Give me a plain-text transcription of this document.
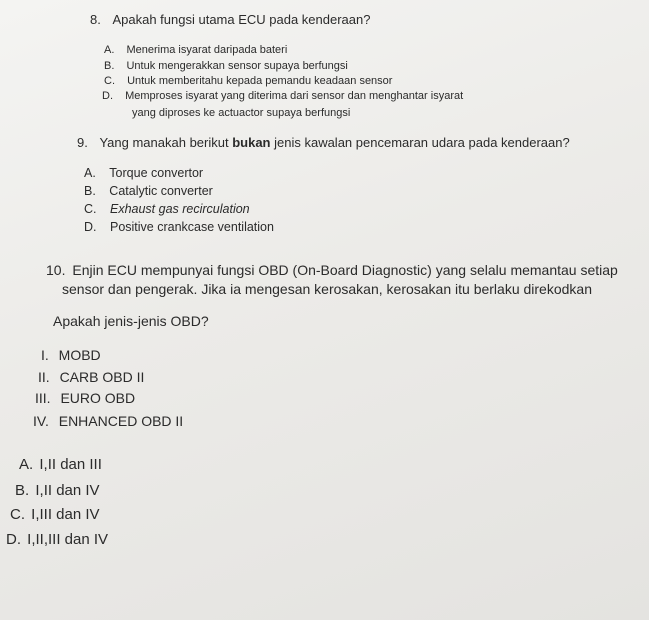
8. Apakah fungsi utama ECU pada kenderaan?
A. Menerima isyarat daripada bateri
B. Untuk mengerakkan sensor supaya berfungsi
C. Untuk memberitahu kepada pemandu keadaan sensor
D. Memproses isyarat yang diterima dari sensor dan menghantar isyarat
yang diproses ke actuactor supaya berfungsi
9. Yang manakah berikut bukan jenis kawalan pencemaran udara pada kenderaan?
A. Torque convertor
B. Catalytic converter
C. Exhaust gas recirculation
D. Positive crankcase ventilation
10. Enjin ECU mempunyai fungsi OBD (On-Board Diagnostic) yang selalu memantau setiap
sensor dan pengerak. Jika ia mengesan kerosakan, kerosakan itu berlaku direkodkan
Apakah jenis-jenis OBD?
I. MOBD
II. CARB OBD II
III. EURO OBD
IV. ENHANCED OBD II
A. I,II dan III
B. I,II dan IV
C. I,III dan IV
D. I,II,III dan IV
